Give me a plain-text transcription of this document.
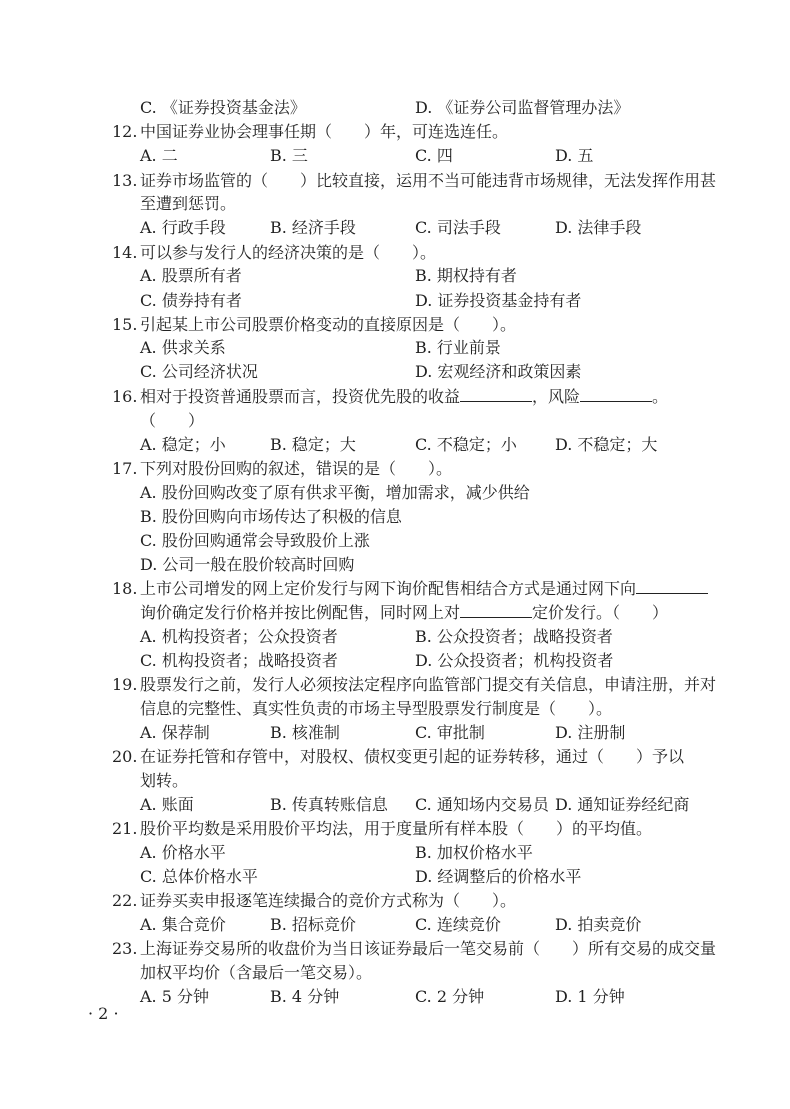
C. 《证券投资基金法》	D. 《证券公司监督管理办法》
12. 中国证券业协会理事任期（　　）年，可连选连任。
A. 二	B. 三	C. 四	D. 五
13. 证券市场监管的（　　）比较直接，运用不当可能违背市场规律，无法发挥作用甚
至遭到惩罚。
A. 行政手段	B. 经济手段	C. 司法手段	D. 法律手段
14. 可以参与发行人的经济决策的是（　　）。
A. 股票所有者	B. 期权持有者
C. 债券持有者	D. 证券投资基金持有者
15. 引起某上市公司股票价格变动的直接原因是（　　）。
A. 供求关系	B. 行业前景
C. 公司经济状况	D. 宏观经济和政策因素
16. 相对于投资普通股票而言，投资优先股的收益	，风险	。
（　　）
A. 稳定；小	B. 稳定；大	C. 不稳定；小 D. 不稳定；大
17. 下列对股份回购的叙述，错误的是（　　）。
A. 股份回购改变了原有供求平衡，增加需求，减少供给
B. 股份回购向市场传达了积极的信息
C. 股份回购通常会导致股价上涨
D. 公司一般在股价较高时回购
18. 上市公司增发的网上定价发行与网下询价配售相结合方式是通过网下向
询价确定发行价格并按比例配售，同时网上对	定价发行。（　　）
A. 机构投资者；公众投资者	B. 公众投资者；战略投资者
C. 机构投资者；战略投资者	D. 公众投资者；机构投资者
19. 股票发行之前，发行人必须按法定程序向监管部门提交有关信息，申请注册，并对
信息的完整性、真实性负责的市场主导型股票发行制度是（　　）。
A. 保荐制	B. 核准制	C. 审批制	D. 注册制
20. 在证券托管和存管中，对股权、债权变更引起的证券转移，通过（　　）予以
划转。
A. 账面	B. 传真转账信息 C. 通知场内交易员 D. 通知证券经纪商
21. 股价平均数是采用股价平均法，用于度量所有样本股（　　）的平均值。
A. 价格水平	B. 加权价格水平
C. 总体价格水平	D. 经调整后的价格水平
22. 证券买卖申报逐笔连续撮合的竞价方式称为（　　）。
A. 集合竞价	B. 招标竞价	C. 连续竞价	D. 拍卖竞价
23. 上海证券交易所的收盘价为当日该证券最后一笔交易前（　　）所有交易的成交量
加权平均价（含最后一笔交易）。
A. 5 分钟	B. 4 分钟	C. 2 分钟	D. 1 分钟
· 2 ·
